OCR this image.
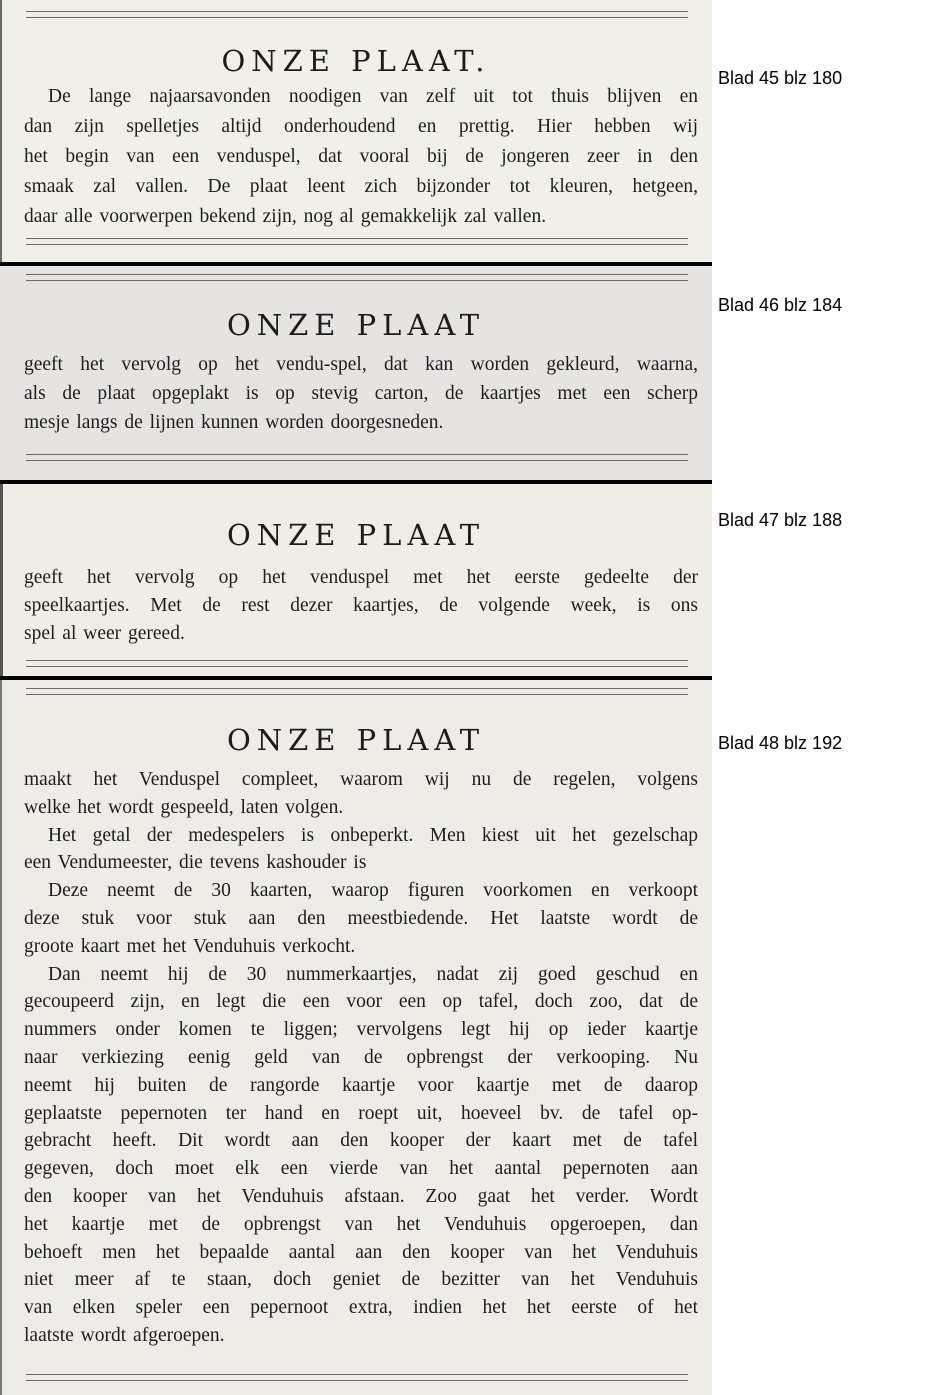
ONZE PLAAT.
De lange najaarsavonden noodigen van zelf uit tot thuis blijven en
dan zijn spelletjes altijd onderhoudend en prettig. Hier hebben wij
het begin van een venduspel, dat vooral bij de jongeren zeer in den
smaak zal vallen. De plaat leent zich bijzonder tot kleuren, hetgeen,
daar alle voorwerpen bekend zijn, nog al gemakkelijk zal vallen.
Blad 45 blz 180
ONZE PLAAT
geeft het vervolg op het vendu-spel, dat kan worden gekleurd, waarna,
als de plaat opgeplakt is op stevig carton, de kaartjes met een scherp
mesje langs de lijnen kunnen worden doorgesneden.
Blad 46 blz 184
ONZE PLAAT
geeft het vervolg op het venduspel met het eerste gedeelte der
speelkaartjes. Met de rest dezer kaartjes, de volgende week, is ons
spel al weer gereed.
Blad 47 blz 188
ONZE PLAAT
maakt het Venduspel compleet, waarom wij nu de regelen, volgens
welke het wordt gespeeld, laten volgen.
Het getal der medespelers is onbeperkt. Men kiest uit het gezelschap
een Vendumeester, die tevens kashouder is
Deze neemt de 30 kaarten, waarop figuren voorkomen en verkoopt
deze stuk voor stuk aan den meestbiedende. Het laatste wordt de
groote kaart met het Venduhuis verkocht.
Dan neemt hij de 30 nummerkaartjes, nadat zij goed geschud en
gecoupeerd zijn, en legt die een voor een op tafel, doch zoo, dat de
nummers onder komen te liggen; vervolgens legt hij op ieder kaartje
naar verkiezing eenig geld van de opbrengst der verkooping. Nu
neemt hij buiten de rangorde kaartje voor kaartje met de daarop
geplaatste pepernoten ter hand en roept uit, hoeveel bv. de tafel op-
gebracht heeft. Dit wordt aan den kooper der kaart met de tafel
gegeven, doch moet elk een vierde van het aantal pepernoten aan
den kooper van het Venduhuis afstaan. Zoo gaat het verder. Wordt
het kaartje met de opbrengst van het Venduhuis opgeroepen, dan
behoeft men het bepaalde aantal aan den kooper van het Venduhuis
niet meer af te staan, doch geniet de bezitter van het Venduhuis
van elken speler een pepernoot extra, indien het het eerste of het
laatste wordt afgeroepen.
Blad 48 blz 192
